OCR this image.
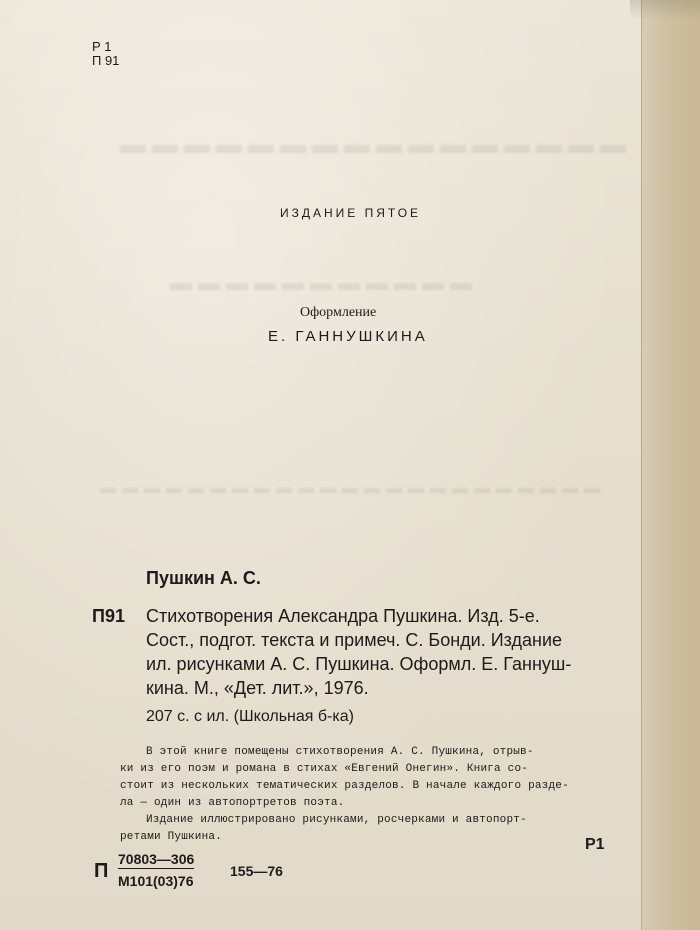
▬▬▬▬▬▬▬▬▬▬▬▬▬▬▬▬
▬▬▬▬▬▬▬▬▬▬▬
▬▬▬▬▬▬▬▬▬▬▬▬▬▬▬▬▬▬▬▬▬▬▬
Р 1
П 91
ИЗДАНИЕ ПЯТОЕ
Оформление
Е. ГАННУШКИНА
Пушкин А. С.
П91 Стихотворения Александра Пушкина. Изд. 5-е.
Сост., подгот. текста и примеч. С. Бонди. Издание
ил. рисунками А. С. Пушкина. Оформл. Е. Ганнуш-
кина. М., «Дет. лит.», 1976.
207 с. с ил. (Школьная б-ка)
В этой книге помещены стихотворения А. С. Пушкина, отрыв-
ки из его поэм и романа в стихах «Евгений Онегин». Книга со-
стоит из нескольких тематических разделов. В начале каждого разде-
ла — один из автопортретов поэта.
Издание иллюстрировано рисунками, росчерками и автопорт-
ретами Пушкина.	Р1
П
70803—306
М101(03)76
155—76
